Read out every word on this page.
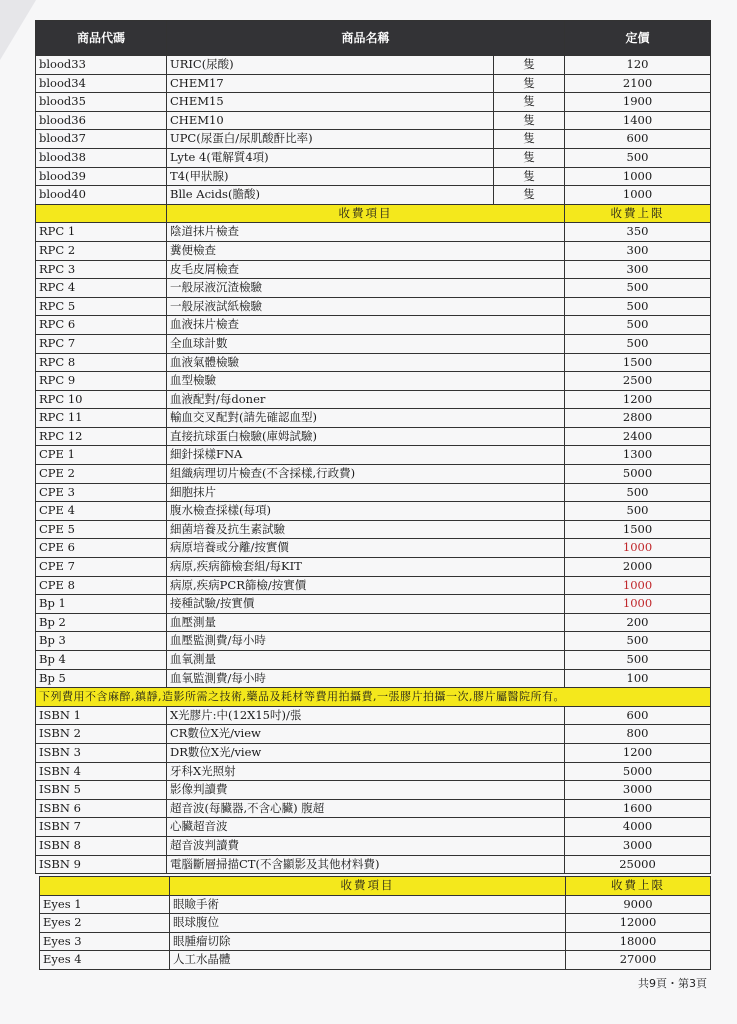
商品代碼	商品名稱		定價
blood33	URIC(尿酸)	隻	120
blood34	CHEM17	隻	2100
blood35	CHEM15	隻	1900
blood36	CHEM10	隻	1400
blood37	UPC(尿蛋白/尿肌酸酐比率)	隻	600
blood38	Lyte 4(電解質4項)	隻	500
blood39	T4(甲狀腺)	隻	1000
blood40	Blle Acids(膽酸)	隻	1000
	收費項目		收費上限
RPC 1	陰道抹片檢查		350
RPC 2	糞便檢查		300
RPC 3	皮毛皮屑檢查		300
RPC 4	一般尿液沉渣檢驗		500
RPC 5	一般尿液試紙檢驗		500
RPC 6	血液抹片檢查		500
RPC 7	全血球計數		500
RPC 8	血液氣體檢驗		1500
RPC 9	血型檢驗		2500
RPC 10	血液配對/每doner		1200
RPC 11	輸血交叉配對(請先確認血型)		2800
RPC 12	直接抗球蛋白檢驗(庫姆試驗)		2400
CPE 1	細針採樣FNA		1300
CPE 2	組織病理切片檢查(不含採樣,行政費)		5000
CPE 3	細胞抹片		500
CPE 4	腹水檢查採樣(每項)		500
CPE 5	細菌培養及抗生素試驗		1500
CPE 6	病原培養或分離/按實價		1000
CPE 7	病原,疾病篩檢套組/每KIT		2000
CPE 8	病原,疾病PCR篩檢/按實價		1000
Bp 1	接種試驗/按實價		1000
Bp 2	血壓測量		200
Bp 3	血壓監測費/每小時		500
Bp 4	血氧測量		500
Bp 5	血氧監測費/每小時		100
下列費用不含麻醉,鎮靜,造影所需之技術,藥品及耗材等費用拍攝費,一張膠片拍攝一次,膠片屬醫院所有。			
ISBN 1	X光膠片:中(12X15吋)/張		600
ISBN 2	CR數位X光/view		800
ISBN 3	DR數位X光/view		1200
ISBN 4	牙科X光照射		5000
ISBN 5	影像判讀費		3000
ISBN 6	超音波(每臟器,不含心臟) 腹超		1600
ISBN 7	心臟超音波		4000
ISBN 8	超音波判讀費		3000
ISBN 9	電腦斷層掃描CT(不含顯影及其他材料費)		25000
	收費項目	收費上限
Eyes 1	眼瞼手術	9000
Eyes 2	眼球腹位	12000
Eyes 3	眼腫瘤切除	18000
Eyes 4	人工水晶體	27000
共9頁・第3頁
